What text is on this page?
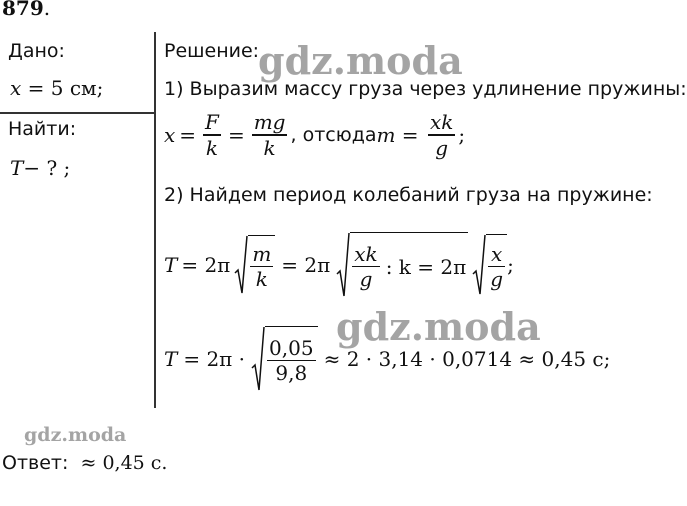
879.
Дано:
x = 5 см;
Найти:
T− ? ;
Решение:
1) Выразим массу груза через удлинение пружины:
$x = \frac{F}{k} = \frac{mg}{k}$ , отсюда $m = \frac{xk}{g}$ ;
2) Найдем период колебаний груза на пружине:
$T = 2\pi \frac{m}{k} = 2\pi \frac{xk}{g}$ : $k = 2\pi \frac{x}{g}$ ;
$T = 2\pi \cdot \frac{0,05}{9,8} \approx 2 \cdot 3,14 \cdot 0,0714 \approx 0,45$ с;
Ответ: ≈ 0,45 с.
gdz.moda
gdz.moda
gdz.moda
